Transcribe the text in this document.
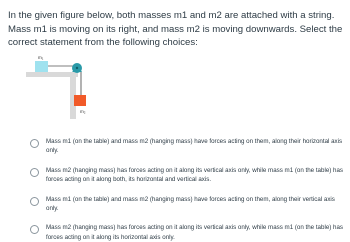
In the given figure below, both masses m1 and m2 are attached with a string. Mass m1 is moving on its right, and mass m2 is moving downwards. Select the correct statement from the following choices:
m₁
m₂
Mass m1 (on the table) and mass m2 (hanging mass) have forces acting on them, along their horizontal axis only.
Mass m2 (hanging mass) has forces acting on it along its vertical axis only, while mass m1 (on the table) has forces acting on it along both, its horizontal and vertical axis.
Mass m1 (on the table) and mass m2 (hanging mass) have forces acting on them, along their vertical axis only.
Mass m2 (hanging mass) has forces acting on it along its vertical axis only, while mass m1 (on the table) has forces acting on it along its horizontal axis only.
